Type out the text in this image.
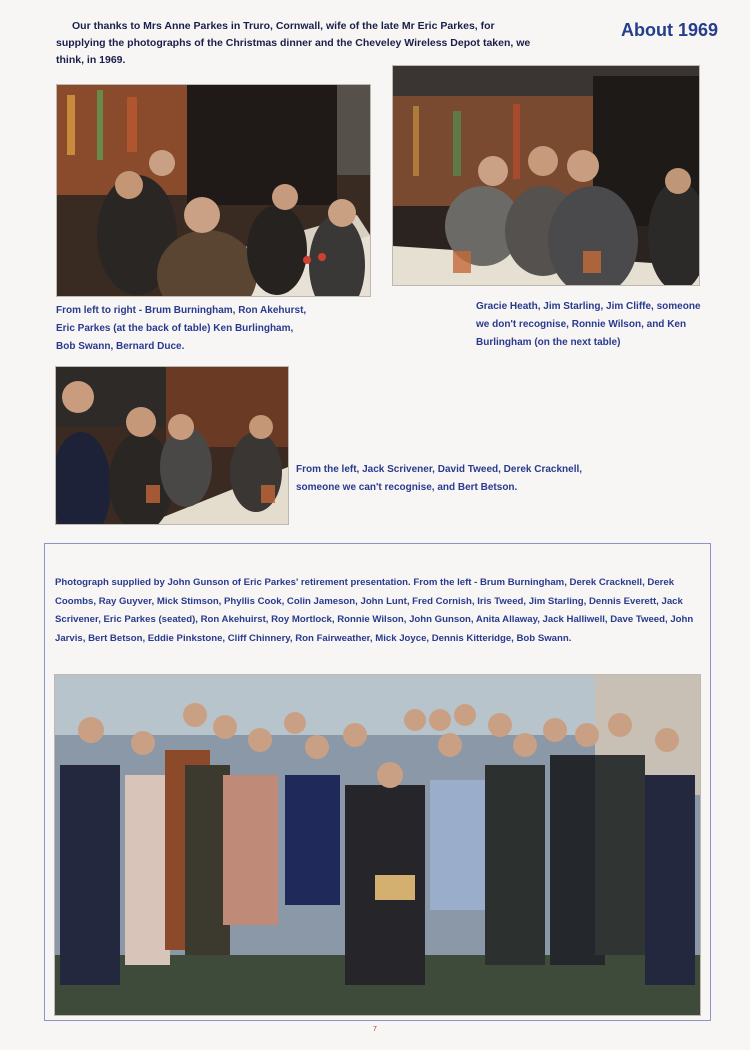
Our thanks to Mrs Anne Parkes in Truro, Cornwall, wife of the late Mr Eric Parkes, for supplying the photographs of the Christmas dinner and the Cheveley Wireless Depot taken, we think, in 1969.

About 1969

From left to right - Brum Burningham, Ron Akehurst, Eric Parkes (at the back of table) Ken Burlingham, Bob Swann, Bernard Duce.

Gracie Heath, Jim Starling, Jim Cliffe, someone we don't recognise, Ronnie Wilson, and Ken Burlingham (on the next table)

From the left, Jack Scrivener, David Tweed, Derek Cracknell, someone we can't recognise, and Bert Betson.

Photograph supplied by John Gunson of Eric Parkes' retirement presentation. From the left - Brum Burningham, Derek Cracknell, Derek Coombs, Ray Guyver, Mick Stimson, Phyllis Cook, Colin Jameson, John Lunt, Fred Cornish, Iris Tweed, Jim Starling, Dennis Everett, Jack Scrivener, Eric Parkes (seated), Ron Akehuirst, Roy Mortlock, Ronnie Wilson, John Gunson, Anita Allaway, Jack Halliwell, Dave Tweed, John Jarvis, Bert Betson, Eddie Pinkstone, Cliff Chinnery, Ron Fairweather, Mick Joyce, Dennis Kitteridge, Bob Swann.

7
